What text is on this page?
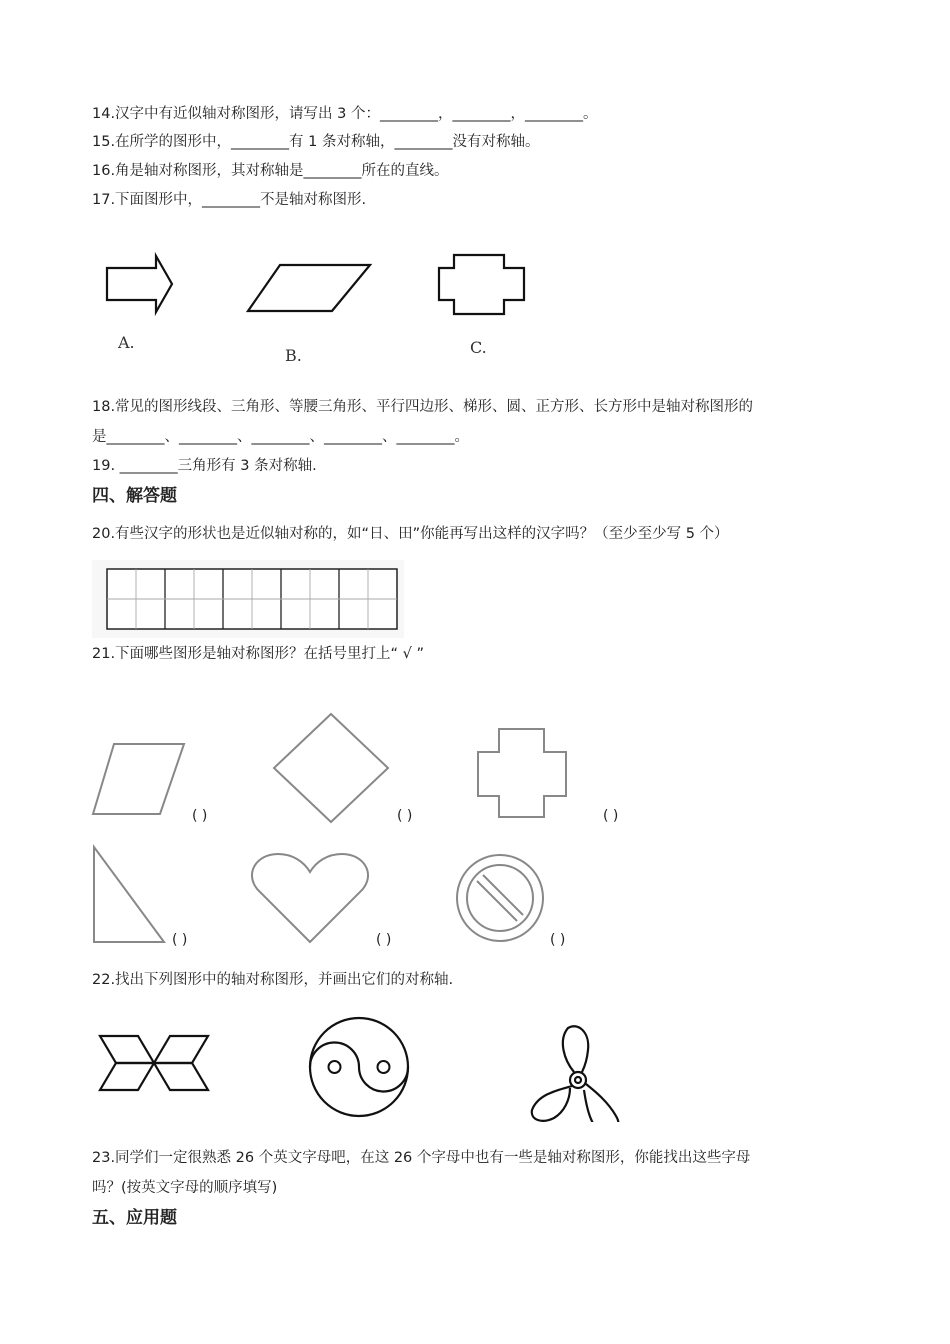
14.汉字中有近似轴对称图形，请写出 3 个：________，________，________。
15.在所学的图形中，________有 1 条对称轴，________没有对称轴。
16.角是轴对称图形，其对称轴是________所在的直线。
17.下面图形中，________不是轴对称图形.
A.
B.	C.
18.常见的图形线段、三角形、等腰三角形、平行四边形、梯形、圆、正方形、长方形中是轴对称图形的
是________、________、________、________、________。
19. ________三角形有 3 条对称轴.
四、解答题
20.有些汉字的形状也是近似轴对称的，如“日、田”你能再写出这样的汉字吗？（至少至少写 5 个）
21.下面哪些图形是轴对称图形？在括号里打上“ √ ”
( )	( )	( )
( )	( )	( )
22.找出下列图形中的轴对称图形，并画出它们的对称轴.
23.同学们一定很熟悉 26 个英文字母吧，在这 26 个字母中也有一些是轴对称图形，你能找出这些字母
吗？(按英文字母的顺序填写)
五、应用题
